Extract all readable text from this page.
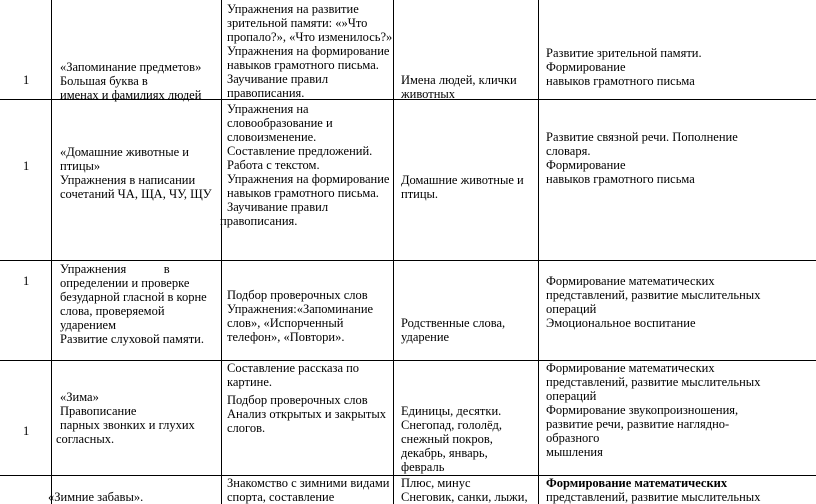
1

«Запоминание предметов»

Большая буква в

именах и фамилиях людей

Упражнения на развитие

зрительной памяти: «»Что

пропало?», «Что изменилось?»

Упражнения на формирование

навыков грамотного письма.

Заучивание правил

правописания.

Имена людей, клички

животных

Развитие зрительной памяти.

Формирование

навыков грамотного письма

1

«Домашние животные и

птицы»

Упражнения в написании

сочетаний ЧА, ЩА, ЧУ, ЩУ

Упражнения на

словообразование и

словоизменение.

Составление предложений.

Работа с текстом.

Упражнения на формирование

навыков грамотного письма.

Заучивание правил

правописания.

Домашние животные и

птицы.

Развитие связной речи. Пополнение

словаря.

Формирование

навыков грамотного письма

1

Упражнения            в

определении и проверке

безударной гласной в корне

слова, проверяемой

ударением

Развитие слуховой памяти.

Подбор проверочных слов

Упражнения:«Запоминание

слов», «Испорченный

телефон», «Повтори».

Родственные слова,

ударение

Формирование математических

представлений, развитие мыслительных

операций

Эмоциональное воспитание

1

«Зима»

Правописание

парных звонких и глухих

согласных.

Составление рассказа по

картине.

Подбор проверочных слов

Анализ открытых и закрытых

слогов.

Единицы, десятки.

Снегопад, гололёд,

снежный покров,

декабрь, январь,

февраль

Формирование математических

представлений, развитие мыслительных

операций

Формирование звукопроизношения,

развитие речи, развитие наглядно-

образного

мышления

«Зимние забавы».

Знакомство с зимними видами

спорта, составление

Плюс, минус

Снеговик, санки, лыжи,

Формирование математических

представлений, развитие мыслительных
